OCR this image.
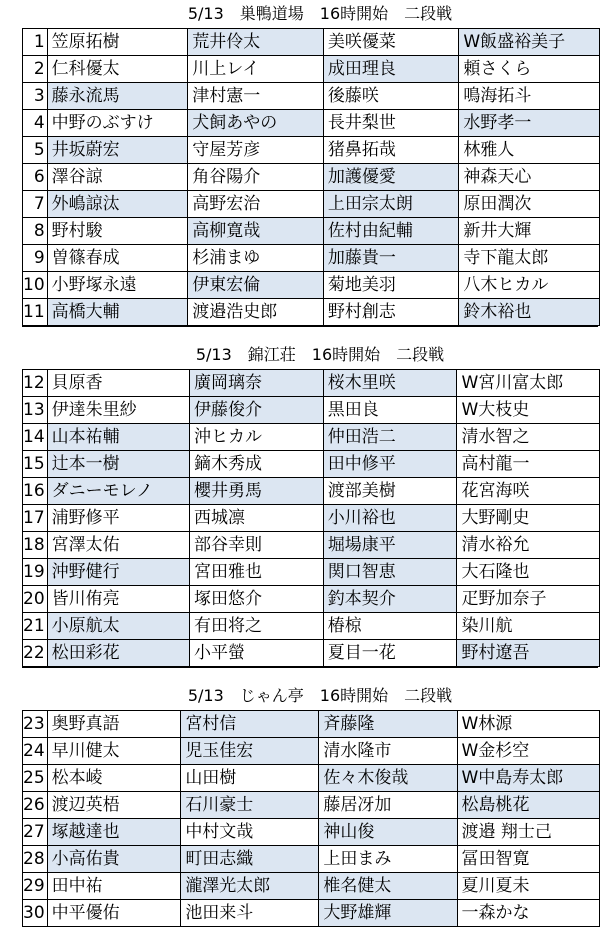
5/13　巣鴨道場　16時開始　二段戦
1	笠原拓樹	荒井伶太	美咲優菜	W飯盛裕美子
2	仁科優太	川上レイ	成田理良	頼さくら
3	藤永流馬	津村憲一	後藤咲	鳴海拓斗
4	中野のぶすけ	犬飼あやの	長井梨世	水野孝一
5	井坂蔚宏	守屋芳彦	猪鼻拓哉	林雅人
6	澤谷諒	角谷陽介	加護優愛	神森天心
7	外嶋諒汰	高野宏治	上田宗太朗	原田潤次
8	野村駿	高柳寛哉	佐村由紀輔	新井大輝
9	曽篠春成	杉浦まゆ	加藤貴一	寺下龍太郎
10	小野塚永遠	伊東宏倫	菊地美羽	八木ヒカル
11	高橋大輔	渡邉浩史郎	野村創志	鈴木裕也
5/13　錦江荘　16時開始　二段戦
12	貝原香	廣岡璃奈	桜木里咲	W宮川富太郎
13	伊達朱里紗	伊藤俊介	黒田良	W大枝史
14	山本祐輔	沖ヒカル	仲田浩二	清水智之
15	辻本一樹	鏑木秀成	田中修平	高村龍一
16	ダニーモレノ	櫻井勇馬	渡部美樹	花宮海咲
17	浦野修平	西城凛	小川裕也	大野剛史
18	宮澤太佑	部谷幸則	堀場康平	清水裕允
19	沖野健行	宮田雅也	関口智恵	大石隆也
20	皆川侑亮	塚田悠介	釣本契介	疋野加奈子
21	小原航太	有田将之	椿椋	染川航
22	松田彩花	小平螢	夏目一花	野村遼吾
5/13　じゃん亭　16時開始　二段戦
23	奥野真語	宮村信	斉藤隆	W林源
24	早川健太	児玉佳宏	清水隆市	W金杉空
25	松本崚	山田樹	佐々木俊哉	W中島寿太郎
26	渡辺英梧	石川豪士	藤居冴加	松島桃花
27	塚越達也	中村文哉	神山俊	渡邉 翔士己
28	小高佑貴	町田志織	上田まみ	冨田智寛
29	田中祐	瀧澤光太郎	椎名健太	夏川夏未
30	中平優佑	池田来斗	大野雄輝	一森かな
